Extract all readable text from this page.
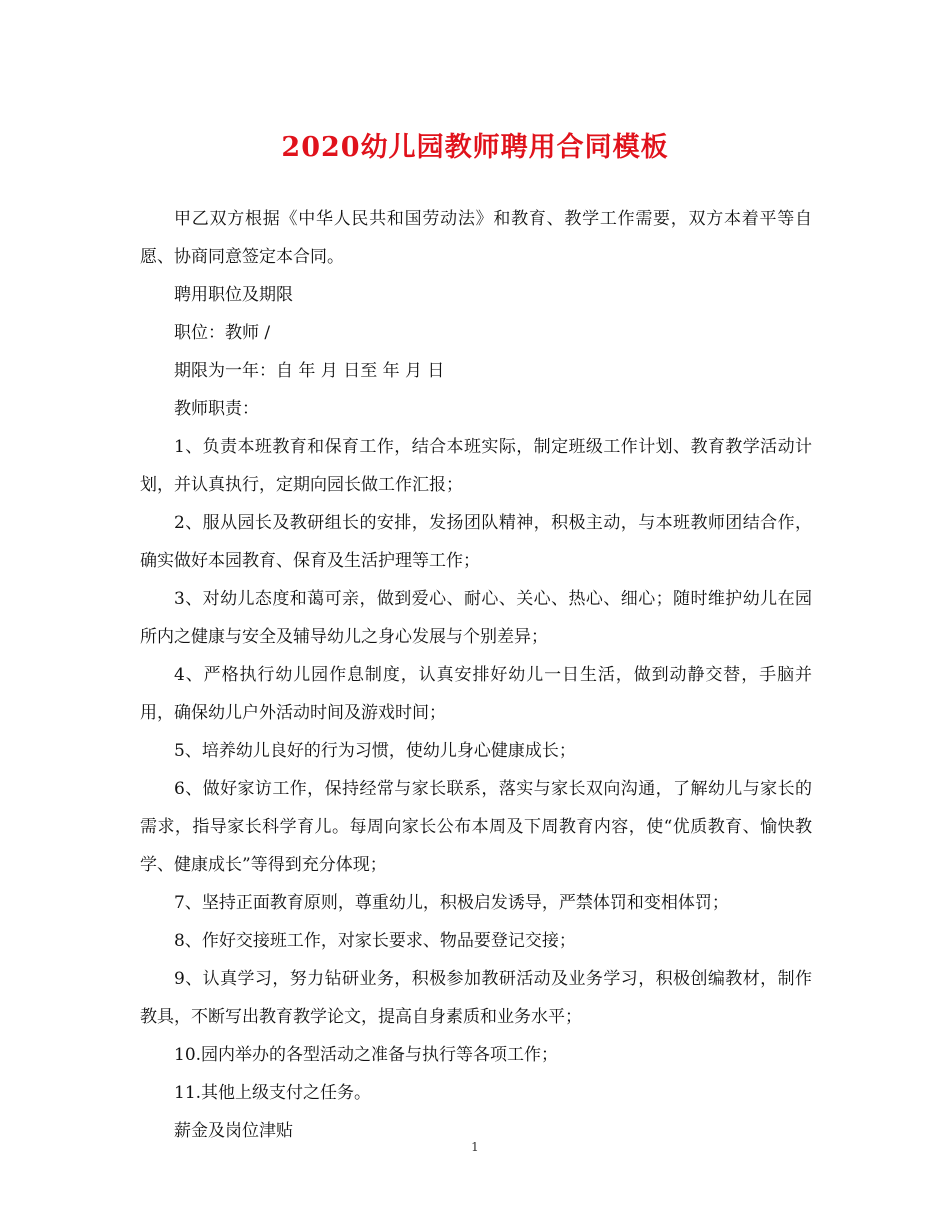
2020幼儿园教师聘用合同模板

甲乙双方根据《中华人民共和国劳动法》和教育、教学工作需要，双方本着平等自愿、协商同意签定本合同。

聘用职位及期限

职位：教师 /

期限为一年：自 年 月 日至 年 月 日

教师职责：

1、负责本班教育和保育工作，结合本班实际，制定班级工作计划、教育教学活动计划，并认真执行，定期向园长做工作汇报；

2、服从园长及教研组长的安排，发扬团队精神，积极主动，与本班教师团结合作，确实做好本园教育、保育及生活护理等工作；

3、对幼儿态度和蔼可亲，做到爱心、耐心、关心、热心、细心；随时维护幼儿在园所内之健康与安全及辅导幼儿之身心发展与个别差异；

4、严格执行幼儿园作息制度，认真安排好幼儿一日生活，做到动静交替，手脑并用，确保幼儿户外活动时间及游戏时间；

5、培养幼儿良好的行为习惯，使幼儿身心健康成长；

6、做好家访工作，保持经常与家长联系，落实与家长双向沟通，了解幼儿与家长的需求，指导家长科学育儿。每周向家长公布本周及下周教育内容，使“优质教育、愉快教学、健康成长”等得到充分体现；

7、坚持正面教育原则，尊重幼儿，积极启发诱导，严禁体罚和变相体罚；

8、作好交接班工作，对家长要求、物品要登记交接；

9、认真学习，努力钻研业务，积极参加教研活动及业务学习，积极创编教材，制作教具，不断写出教育教学论文，提高自身素质和业务水平；

10.园内举办的各型活动之准备与执行等各项工作；

11.其他上级支付之任务。

薪金及岗位津贴

1
